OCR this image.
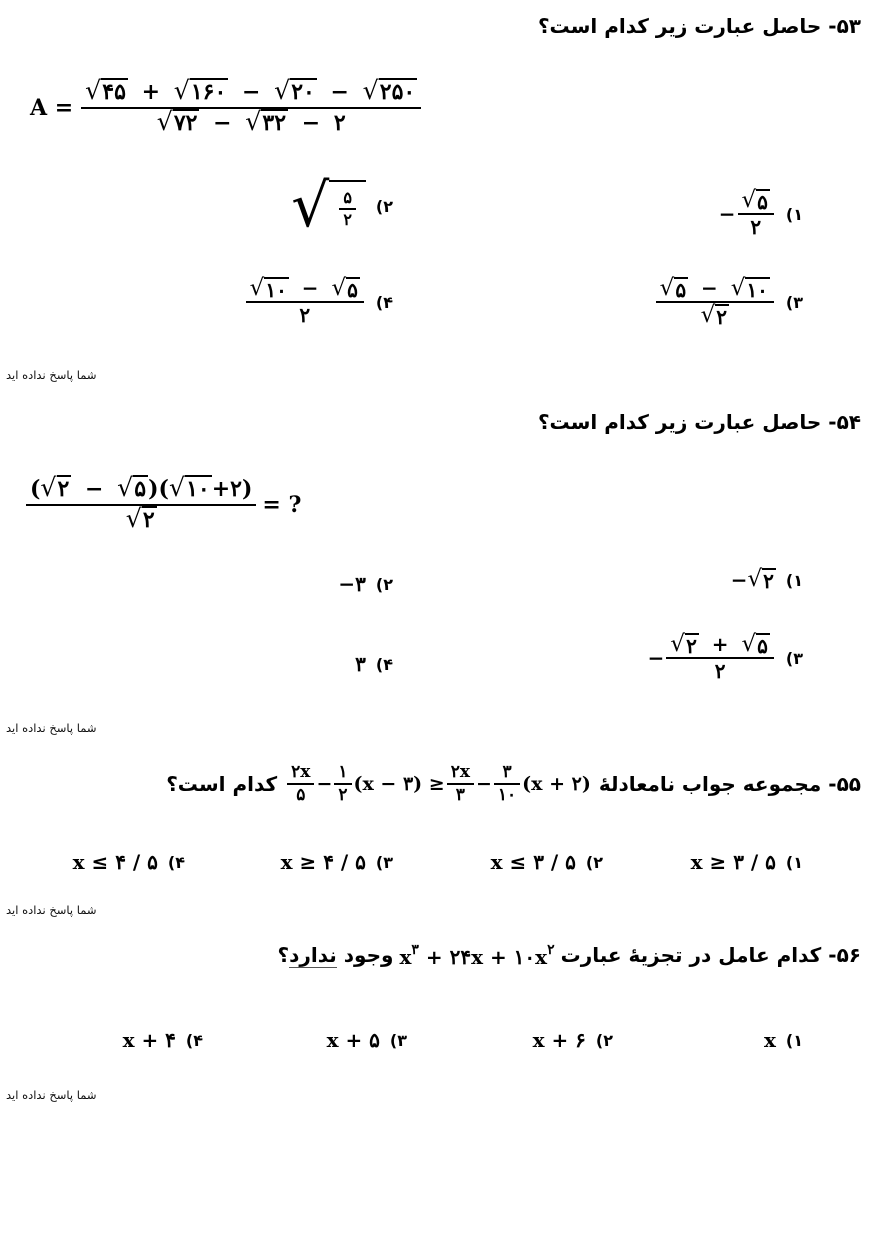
۵۳- حاصل عبارت زیر کدام است؟
$A = \frac{√ ۴۵ + √ ۱۶۰ - √ ۲۰ - √ ۲۵۰}{√ ۷۲ - √ ۳۲ - ۲}$
۱)
− $\frac{√ ۵}{۲}$
۲)
√ $\frac{۵}{۲}$
۳)
$\frac{√ ۵ - √ ۱۰}{√ ۲}$
۴)
$\frac{√ ۱۰ - √ ۵}{۲}$
شما پاسخ نداده اید
۵۴- حاصل عبارت زیر کدام است؟
$\frac{( √ ۲ - √ ۵ )( √ ۱۰ +۲)}{√ ۲}$ = ?
۱)
− √ ۲
۲)
−۳
۳)
− $\frac{√ ۲ + √ ۵}{۲}$
۴)
۳
شما پاسخ نداده اید
۵۵- مجموعه جواب نامعادلهٔ
$\frac{۲x}{۵} - \frac{۱}{۲} (x$ − ۳) ≥ $\frac{۲x}{۳} - \frac{۳}{۱۰} (x$ + ۲)
کدام است؟
۱)
x ≥ ۳ / ۵
۲)
x ≤ ۳ / ۵
۳)
x ≥ ۴ / ۵
۴)
x ≤ ۴ / ۵
شما پاسخ نداده اید
۵۶- کدام عامل در تجزیهٔ عبارت
$x^۳$ + ۲۴x + $۱۰x^۲$
وجود

ندارد
؟
۱)
x
۲)
x + ۶
۳)
x + ۵
۴)
x + ۴
شما پاسخ نداده اید
